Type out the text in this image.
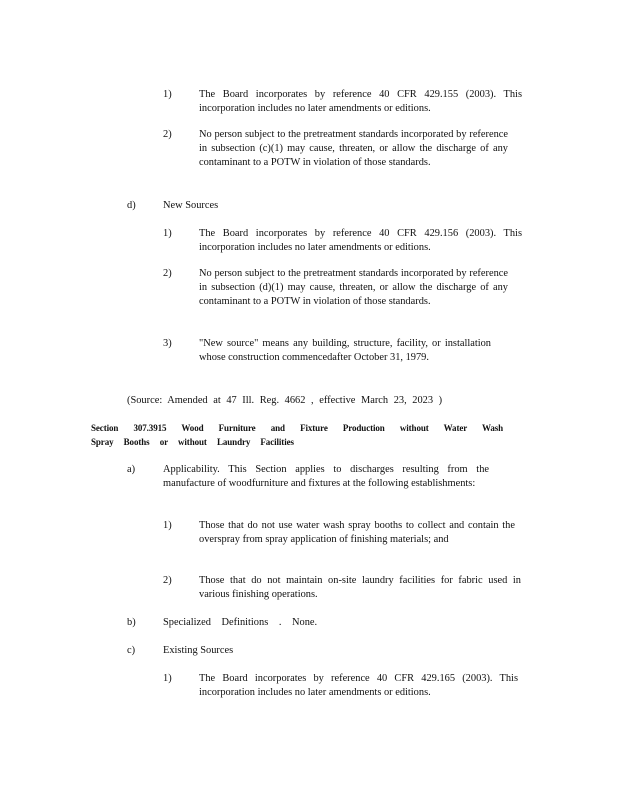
1)	The Board incorporates by reference 40 CFR 429.155 (2003). This incorporation includes no later amendments or editions.
2)	No person subject to the pretreatment standards incorporated by reference in subsection (c)(1) may cause, threaten, or allow the discharge of any contaminant to a POTW in violation of those standards.
d)	New Sources
1)	The Board incorporates by reference 40 CFR 429.156 (2003). This incorporation includes no later amendments or editions.
2)	No person subject to the pretreatment standards incorporated by reference in subsection (d)(1) may cause, threaten, or allow the discharge of any contaminant to a POTW in violation of those standards.
3)	"New source" means any building, structure, facility, or installation whose construction commencedafter October 31, 1979.
(Source: Amended at 47 Ill. Reg. 4662 , effective March 23, 2023 )
Section 307.3915 Wood Furniture and Fixture Production without Water Wash
Spray Booths or without Laundry Facilities
a)	Applicability. This Section applies to discharges resulting from the manufacture of woodfurniture and fixtures at the following establishments:
1)	Those that do not use water wash spray booths to collect and contain the overspray from spray application of finishing materials; and
2)	Those that do not maintain on-site laundry facilities for fabric used in various finishing operations.
b)	Specialized Definitions . None.
c)	Existing Sources
1)	The Board incorporates by reference 40 CFR 429.165 (2003). This incorporation includes no later amendments or editions.
